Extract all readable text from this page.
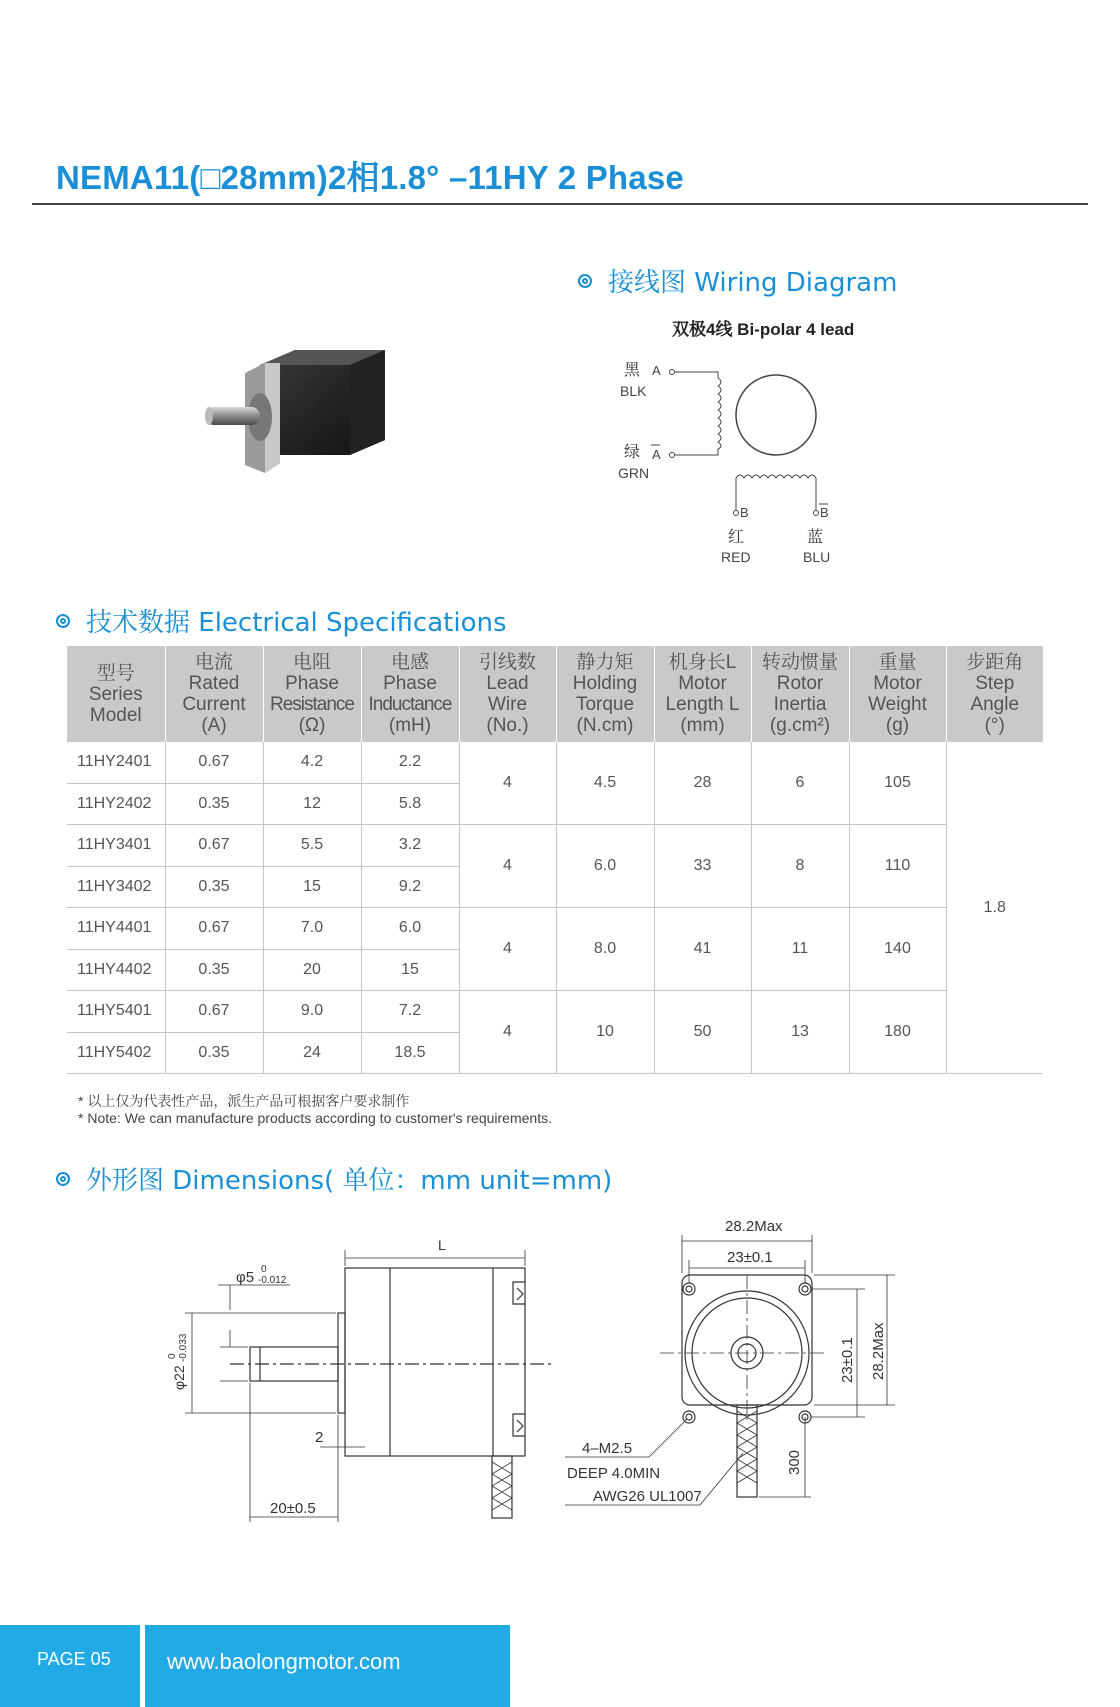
NEMA11(□28mm)2相1.8° –11HY 2 Phase
接线图 Wiring Diagram
双极4线 Bi-polar 4 lead
黑
BLK
A
绿
GRN
A
B	B
红
RED
蓝
BLU
技术数据 Electrical Specifications
型号
Series
Model	电流
Rated
Current
(A)	电阻
Phase
Resistance
(Ω)	电感
Phase
Inductance
(mH)	引线数
Lead
Wire
(No.)	静力矩
Holding
Torque
(N.cm)	机身长L
Motor
Length L
(mm)	转动惯量
Rotor
Inertia
(g.cm²)	重量
Motor
Weight
(g)	步距角
Step
Angle
(°)
11HY2401	0.67	4.2	2.2	4	4.5	28	6	105	1.8
11HY2402	0.35	12	5.8						
11HY3401	0.67	5.5	3.2	4	6.0	33	8	110	
11HY3402	0.35	15	9.2						
11HY4401	0.67	7.0	6.0	4	8.0	41	11	140	
11HY4402	0.35	20	15						
11HY5401	0.67	9.0	7.2	4	10	50	13	180	
11HY5402	0.35	24	18.5						
* 以上仅为代表性产品，派生产品可根据客户要求制作
* Note: We can manufacture products according to customer's requirements.
外形图 Dimensions( 单位：mm unit=mm)
L
φ5 0
-0.012
φ22
0 -0.033
2
20±0.5
28.2Max
23±0.1
23±0.1 28.2Max
4–M2.5
DEEP 4.0MIN
AWG26 UL1007
300
PAGE 05	www.baolongmotor.com
